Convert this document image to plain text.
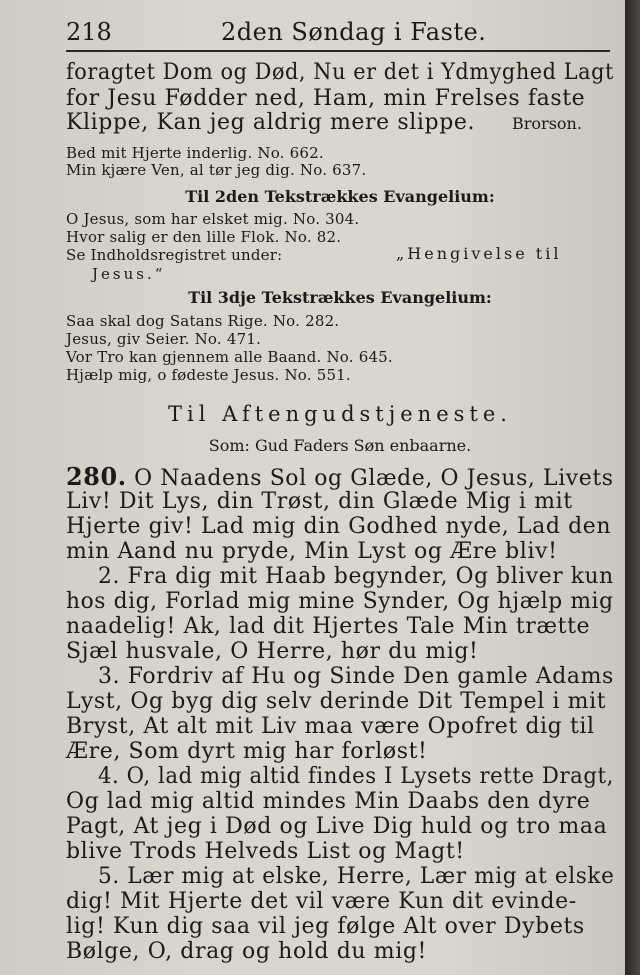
218	2den Søndag i Faste.
foragtet Dom og Død, Nu er det i Ydmyghed Lagt
for Jesu Fødder ned, Ham, min Frelses faste
Klippe, Kan jeg aldrig mere slippe.	Brorson.
Bed mit Hjerte inderlig. No. 662.
Min kjære Ven, al tør jeg dig. No. 637.
Til 2den Tekstrækkes Evangelium:
O Jesus, som har elsket mig. No. 304.
Hvor salig er den lille Flok. No. 82.
Se Indholdsregistret under:	„Hengivelse til
Jesus.“
Til 3dje Tekstrækkes Evangelium:
Saa skal dog Satans Rige. No. 282.
Jesus, giv Seier. No. 471.
Vor Tro kan gjennem alle Baand. No. 645.
Hjælp mig, o fødeste Jesus. No. 551.
Til Aftengudstjeneste.
Som: Gud Faders Søn enbaarne.
280. O Naadens Sol og Glæde, O Jesus, Livets
Liv! Dit Lys, din Trøst, din Glæde Mig i mit
Hjerte giv! Lad mig din Godhed nyde, Lad den
min Aand nu pryde, Min Lyst og Ære bliv!
2. Fra dig mit Haab begynder, Og bliver kun
hos dig, Forlad mig mine Synder, Og hjælp mig
naadelig! Ak, lad dit Hjertes Tale Min trætte
Sjæl husvale, O Herre, hør du mig!
3. Fordriv af Hu og Sinde Den gamle Adams
Lyst, Og byg dig selv derinde Dit Tempel i mit
Bryst, At alt mit Liv maa være Opofret dig til
Ære, Som dyrt mig har forløst!
4. O, lad mig altid findes I Lysets rette Dragt,
Og lad mig altid mindes Min Daabs den dyre
Pagt, At jeg i Død og Live Dig huld og tro maa
blive Trods Helveds List og Magt!
5. Lær mig at elske, Herre, Lær mig at elske
dig! Mit Hjerte det vil være Kun dit evinde-
lig! Kun dig saa vil jeg følge Alt over Dybets
Bølge, O, drag og hold du mig!
